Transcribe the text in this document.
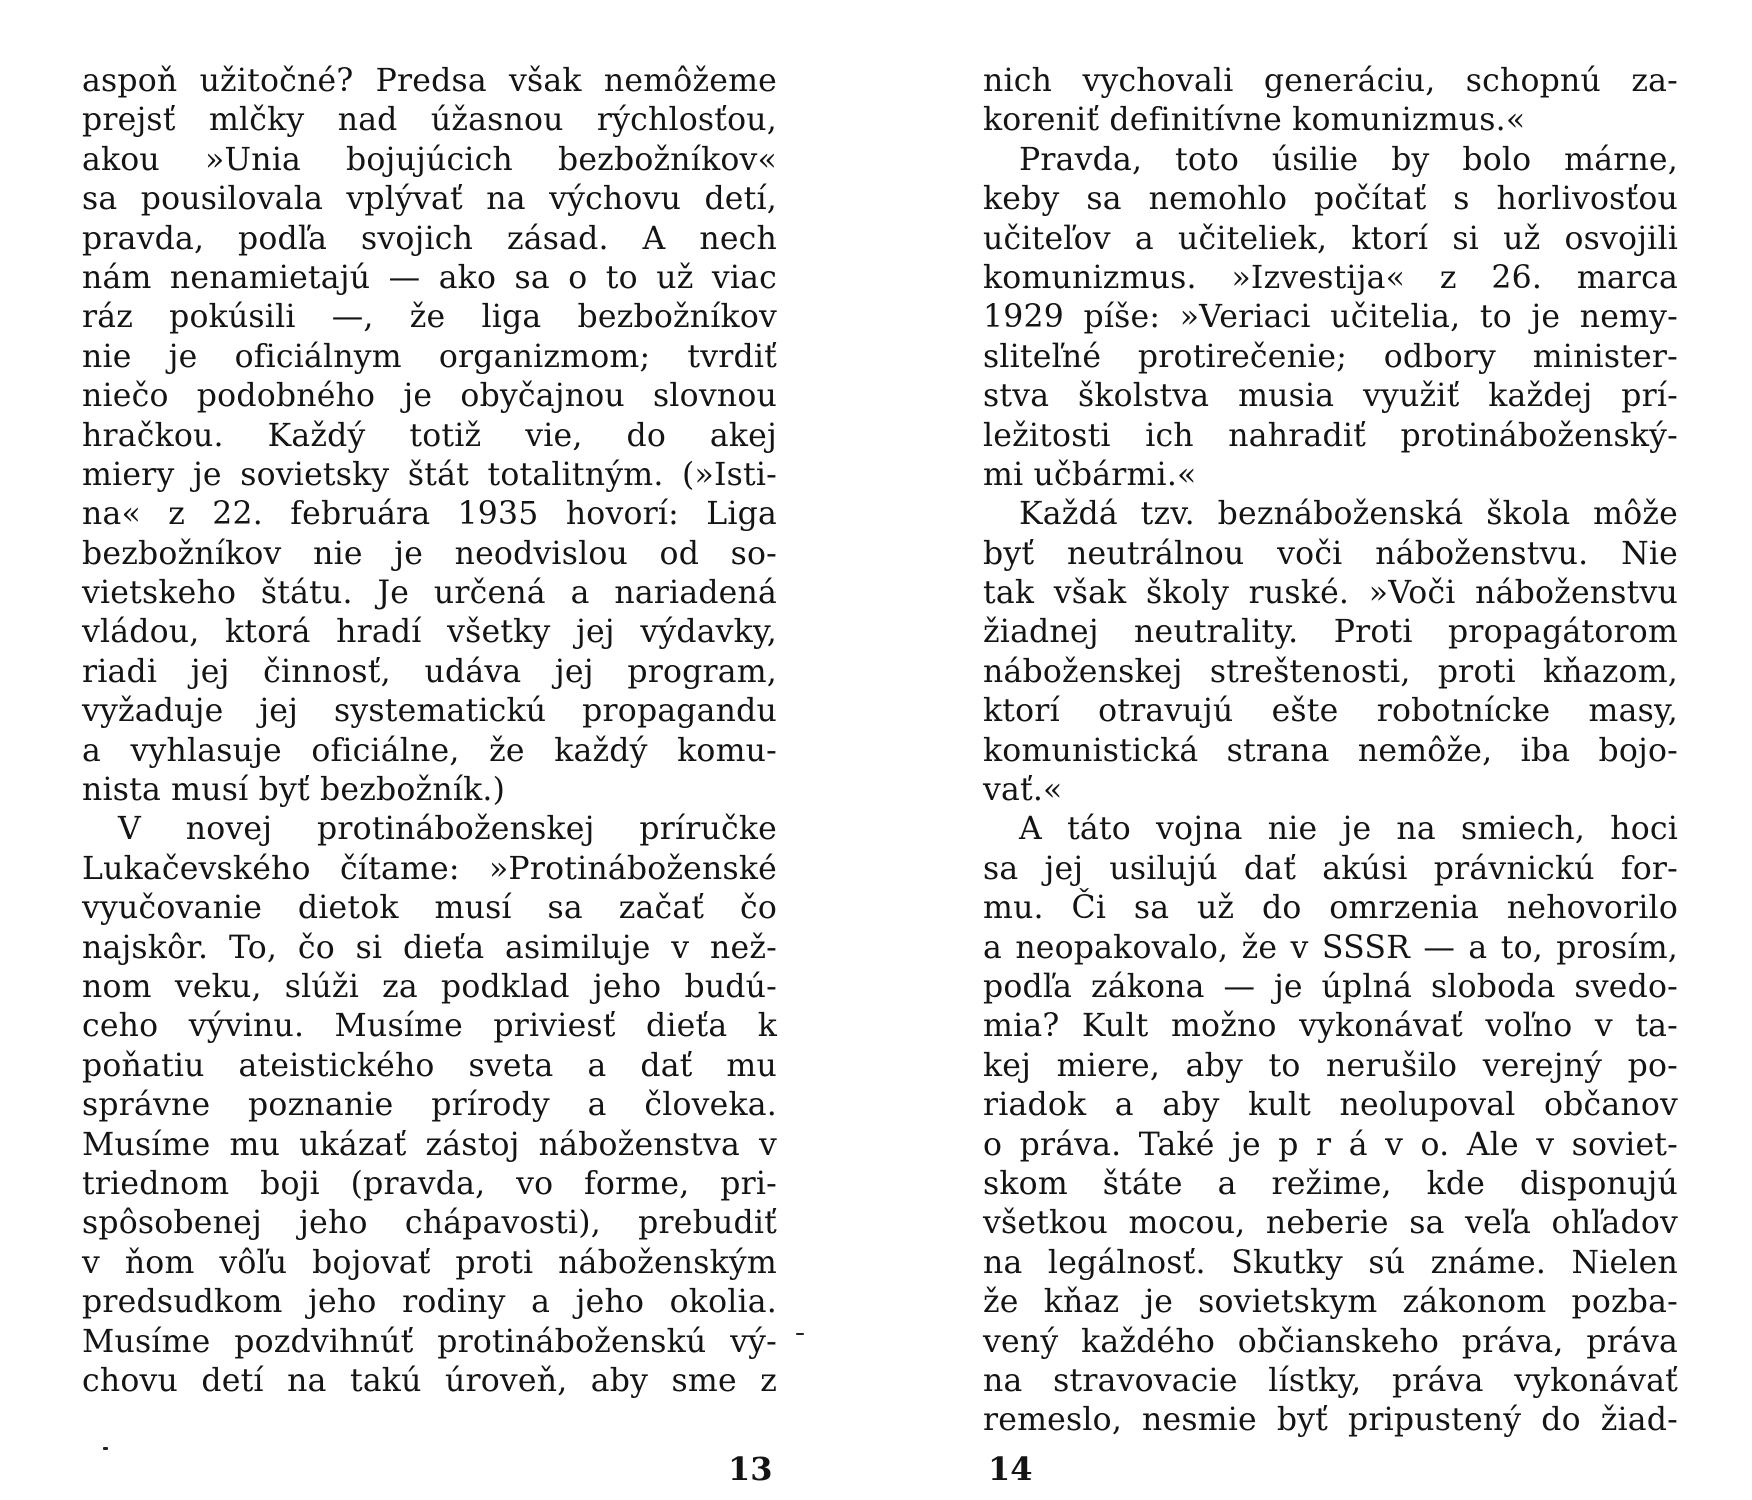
aspoň užitočné? Predsa však nemôžeme
prejsť mlčky nad úžasnou rýchlosťou,
akou »Unia bojujúcich bezbožníkov«
sa pousilovala vplývať na výchovu detí,
pravda, podľa svojich zásad. A nech
nám nenamietajú — ako sa o to už viac
ráz pokúsili —, že liga bezbožníkov
nie je oficiálnym organizmom; tvrdiť
niečo podobného je obyčajnou slovnou
hračkou. Každý totiž vie, do akej
miery je sovietsky štát totalitným. (»Isti-
na« z 22. februára 1935 hovorí: Liga
bezbožníkov nie je neodvislou od so-
vietskeho štátu. Je určená a nariadená
vládou, ktorá hradí všetky jej výdavky,
riadi jej činnosť, udáva jej program,
vyžaduje jej systematickú propagandu
a vyhlasuje oficiálne, že každý komu-
nista musí byť bezbožník.)
V novej protináboženskej príručke
Lukačevského čítame: »Protináboženské
vyučovanie dietok musí sa začať čo
najskôr. To, čo si dieťa asimiluje v než-
nom veku, slúži za podklad jeho budú-
ceho vývinu. Musíme priviesť dieťa k
poňatiu ateistického sveta a dať mu
správne poznanie prírody a človeka.
Musíme mu ukázať zástoj náboženstva v
triednom boji (pravda, vo forme, pri-
spôsobenej jeho chápavosti), prebudiť
v ňom vôľu bojovať proti náboženským
predsudkom jeho rodiny a jeho okolia.
Musíme pozdvihnúť protináboženskú vý-
chovu detí na takú úroveň, aby sme z
nich vychovali generáciu, schopnú za-
koreniť definitívne komunizmus.«
Pravda, toto úsilie by bolo márne,
keby sa nemohlo počítať s horlivosťou
učiteľov a učiteliek, ktorí si už osvojili
komunizmus. »Izvestija« z 26. marca
1929 píše: »Veriaci učitelia, to je nemy-
sliteľné protirečenie; odbory minister-
stva školstva musia využiť každej prí-
ležitosti ich nahradiť protináboženský-
mi učbármi.«
Každá tzv. beznáboženská škola môže
byť neutrálnou voči náboženstvu. Nie
tak však školy ruské. »Voči náboženstvu
žiadnej neutrality. Proti propagátorom
náboženskej streštenosti, proti kňazom,
ktorí otravujú ešte robotnícke masy,
komunistická strana nemôže, iba bojo-
vať.«
A táto vojna nie je na smiech, hoci
sa jej usilujú dať akúsi právnickú for-
mu. Či sa už do omrzenia nehovorilo
a neopakovalo, že v SSSR — a to, prosím,
podľa zákona — je úplná sloboda svedo-
mia? Kult možno vykonávať voľno v ta-
kej miere, aby to nerušilo verejný po-
riadok a aby kult neolupoval občanov
o práva. Také je p r á v o. Ale v soviet-
skom štáte a režime, kde disponujú
všetkou mocou, neberie sa veľa ohľadov
na legálnosť. Skutky sú známe. Nielen
že kňaz je sovietskym zákonom pozba-
vený každého občianskeho práva, práva
na stravovacie lístky, práva vykonávať
remeslo, nesmie byť pripustený do žiad-
13	14
